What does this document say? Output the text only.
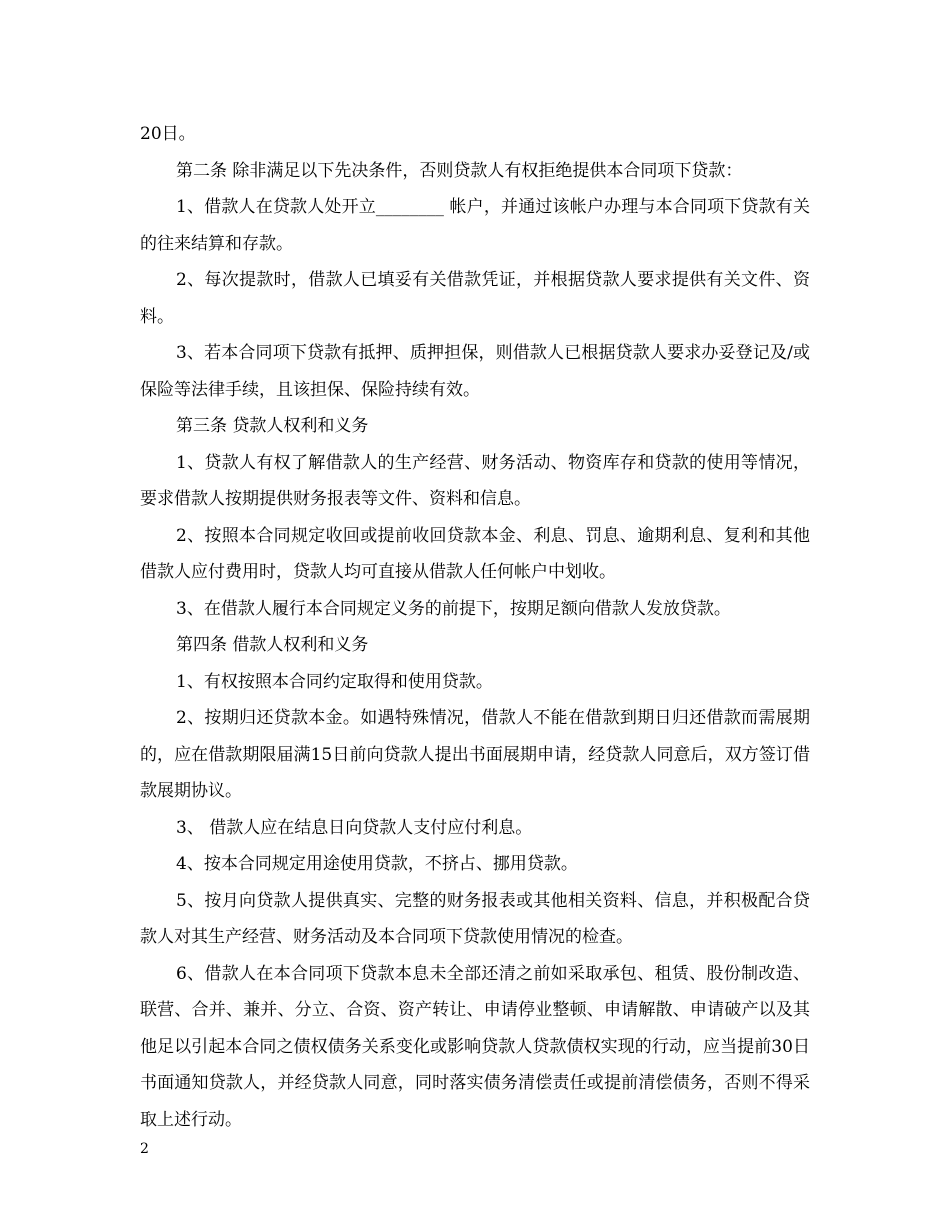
20日。

第二条 除非满足以下先决条件，否则贷款人有权拒绝提供本合同项下贷款：

1、借款人在贷款人处开立________ 帐户，并通过该帐户办理与本合同项下贷款有关的往来结算和存款。

2、每次提款时，借款人已填妥有关借款凭证，并根据贷款人要求提供有关文件、资料。

3、若本合同项下贷款有抵押、质押担保，则借款人已根据贷款人要求办妥登记及/或保险等法律手续，且该担保、保险持续有效。

第三条 贷款人权利和义务

1、贷款人有权了解借款人的生产经营、财务活动、物资库存和贷款的使用等情况，要求借款人按期提供财务报表等文件、资料和信息。

2、按照本合同规定收回或提前收回贷款本金、利息、罚息、逾期利息、复利和其他借款人应付费用时，贷款人均可直接从借款人任何帐户中划收。

3、在借款人履行本合同规定义务的前提下，按期足额向借款人发放贷款。

第四条 借款人权利和义务

1、有权按照本合同约定取得和使用贷款。

2、按期归还贷款本金。如遇特殊情况，借款人不能在借款到期日归还借款而需展期的，应在借款期限届满15日前向贷款人提出书面展期申请，经贷款人同意后，双方签订借款展期协议。

3、 借款人应在结息日向贷款人支付应付利息。

4、按本合同规定用途使用贷款，不挤占、挪用贷款。

5、按月向贷款人提供真实、完整的财务报表或其他相关资料、信息，并积极配合贷款人对其生产经营、财务活动及本合同项下贷款使用情况的检查。

6、借款人在本合同项下贷款本息未全部还清之前如采取承包、租赁、股份制改造、联营、合并、兼并、分立、合资、资产转让、申请停业整顿、申请解散、申请破产以及其他足以引起本合同之债权债务关系变化或影响贷款人贷款债权实现的行动，应当提前30日书面通知贷款人，并经贷款人同意，同时落实债务清偿责任或提前清偿债务，否则不得采取上述行动。

2
